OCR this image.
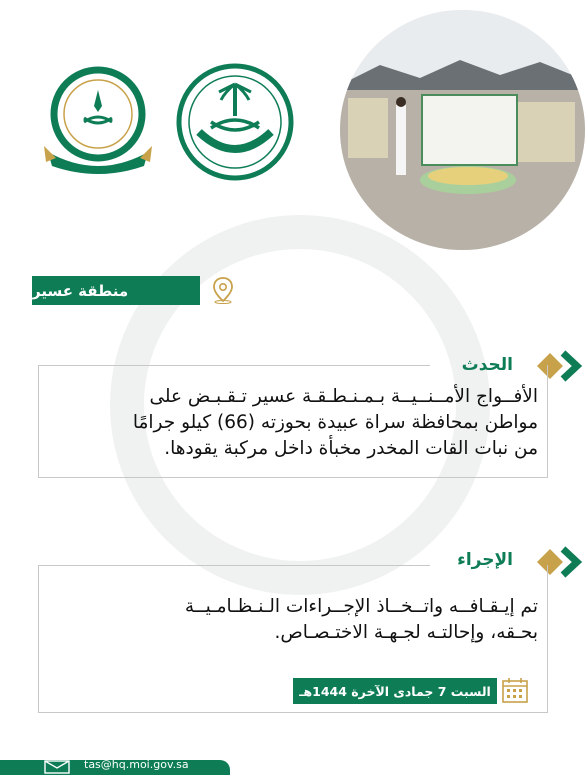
منطقة عسير
الحدث
الأفــواج الأمــنــيــة بـمـنـطـقـة عسير تـقـبـض على
مواطن بمحافظة سراة عبيدة بحوزته (66) كيلو جرامًا
من نبات القات المخدر مخبأة داخل مركبة يقودها.
الإجراء
تم إيـقـافــه واتــخــاذ الإجــراءات الـنـظـامـيــة
بحـقه، وإحالتـه لجـهـة الاختـصـاص.
السبت 7 جمادى الآخرة 1444هـ
tas@hq.moi.gov.sa
